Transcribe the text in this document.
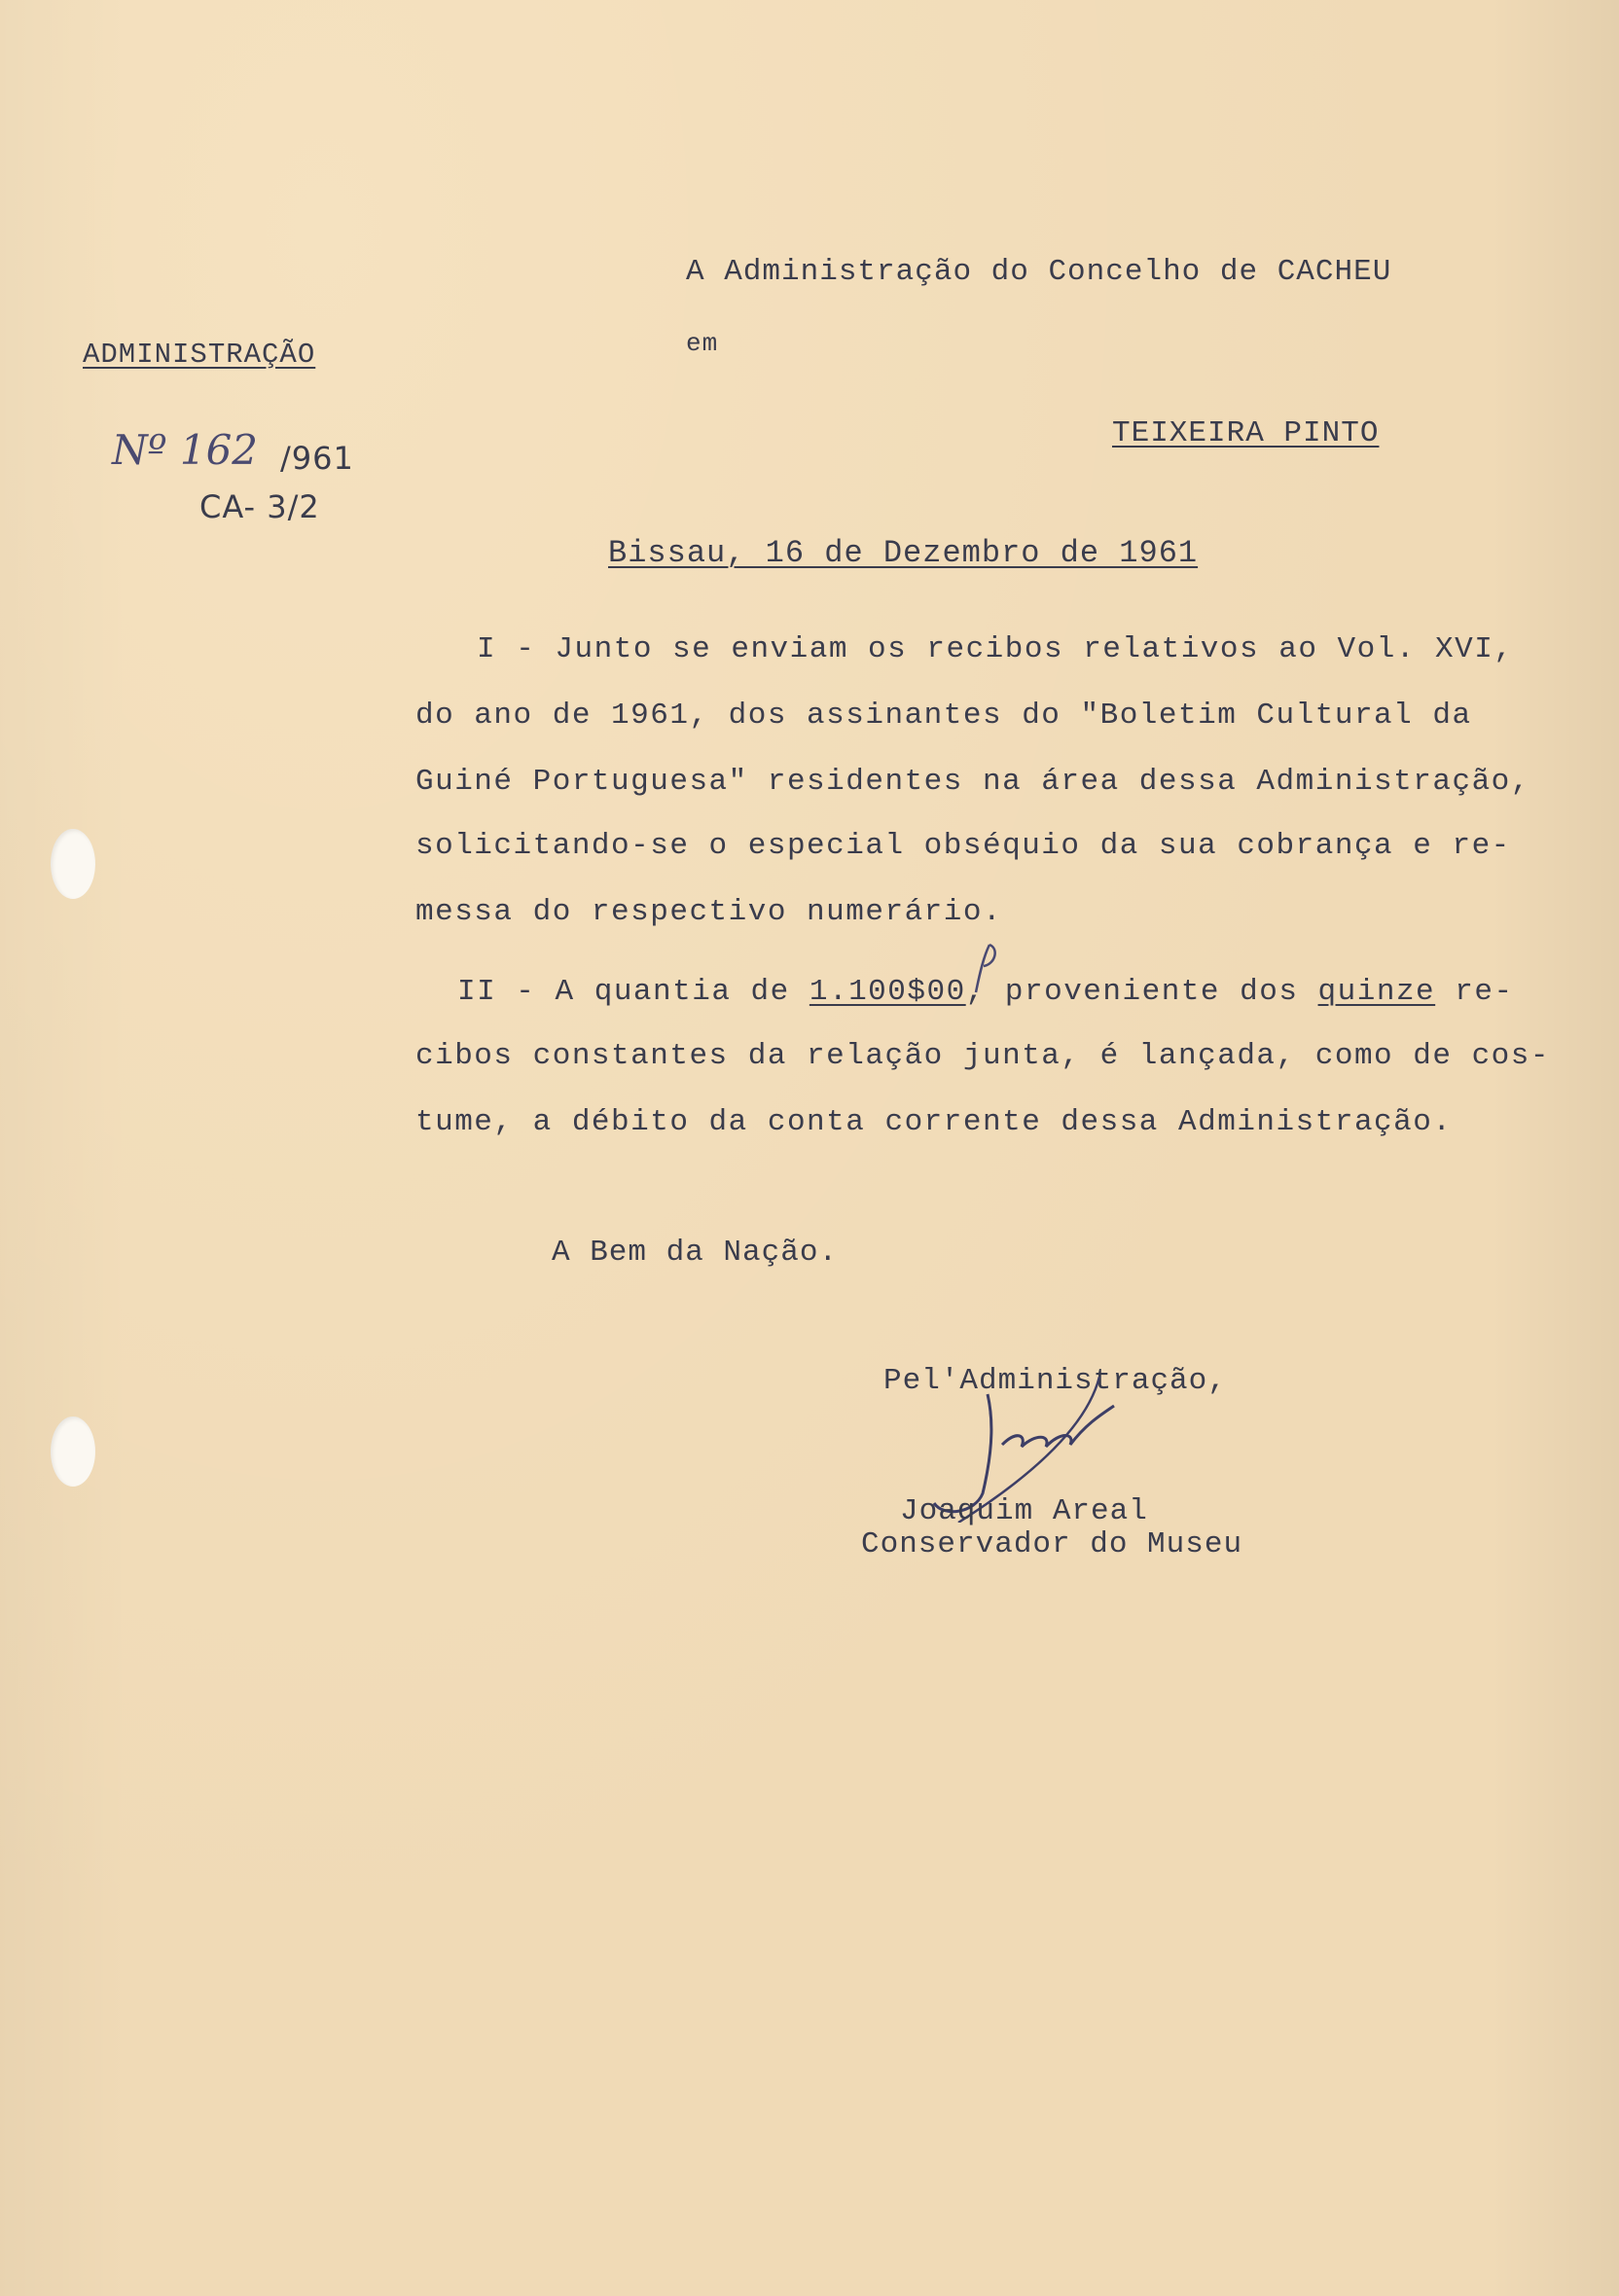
A Administração do Concelho de CACHEU
em
TEIXEIRA PINTO
ADMINISTRAÇÃO
Nº 162 /961
CA- 3/2
Bissau, 16 de Dezembro de 1961
I - Junto se enviam os recibos relativos ao Vol. XVI,
do ano de 1961, dos assinantes do "Boletim Cultural da
Guiné Portuguesa" residentes na área dessa Administração,
solicitando-se o especial obséquio da sua cobrança e re-
messa do respectivo numerário.
II - A quantia de 1.100$00, proveniente dos quinze re-
cibos constantes da relação junta, é lançada, como de cos-
tume, a débito da conta corrente dessa Administração.
A Bem da Nação.
Pel'Administração,
Joaquim Areal
Conservador do Museu
